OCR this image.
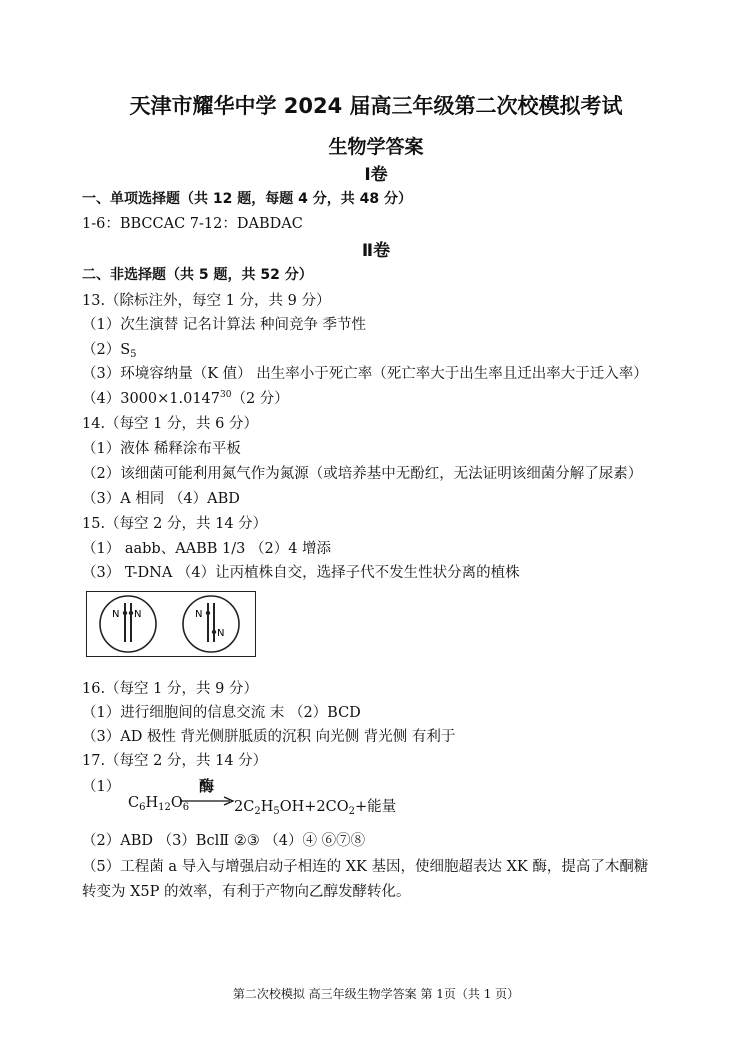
天津市耀华中学 2024 届高三年级第二次校模拟考试
生物学答案
Ⅰ卷
一、单项选择题（共 12 题，每题 4 分，共 48 分）
1-6：BBCCAC 7-12：DABDAC
Ⅱ卷
二、非选择题（共 5 题，共 52 分）
13.（除标注外，每空 1 分，共 9 分）
（1）次生演替 记名计算法 种间竞争 季节性
$(2)S_5$
（3）环境容纳量（K 值） 出生率小于死亡率（死亡率大于出生率且迁出率大于迁入率）
$(4)3000\times 1.0147^{30}(2$ 分）
14.（每空 1 分，共 6 分）
（1）液体 稀释涂布平板
（2）该细菌可能利用氮气作为氮源（或培养基中无酚红，无法证明该细菌分解了尿素）
（3）A 相同 （4）ABD
15.（每空 2 分，共 14 分）
（1） aabb、AABB 1/3 （2）4 增添
（3） T-DNA （4）让丙植株自交，选择子代不发生性状分离的植株
N N	N
N
16.（每空 1 分，共 9 分）
（1）进行细胞间的信息交流 末 （2）BCD
（3）AD 极性 背光侧胼胝质的沉积 向光侧 背光侧 有利于
17.（每空 2 分，共 14 分）
（1）	酶
$C_6H_{12}O_6$	$2C_2H_5OH+2CO_2+$能量
（2）ABD （3）BclⅡ ②③ （4）④ ⑥⑦⑧
（5）工程菌 a 导入与增强启动子相连的 XK 基因，使细胞超表达 XK 酶，提高了木酮糖
转变为 X5P 的效率，有利于产物向乙醇发酵转化。
第二次校模拟 高三年级生物学答案 第 1页（共 1 页）
